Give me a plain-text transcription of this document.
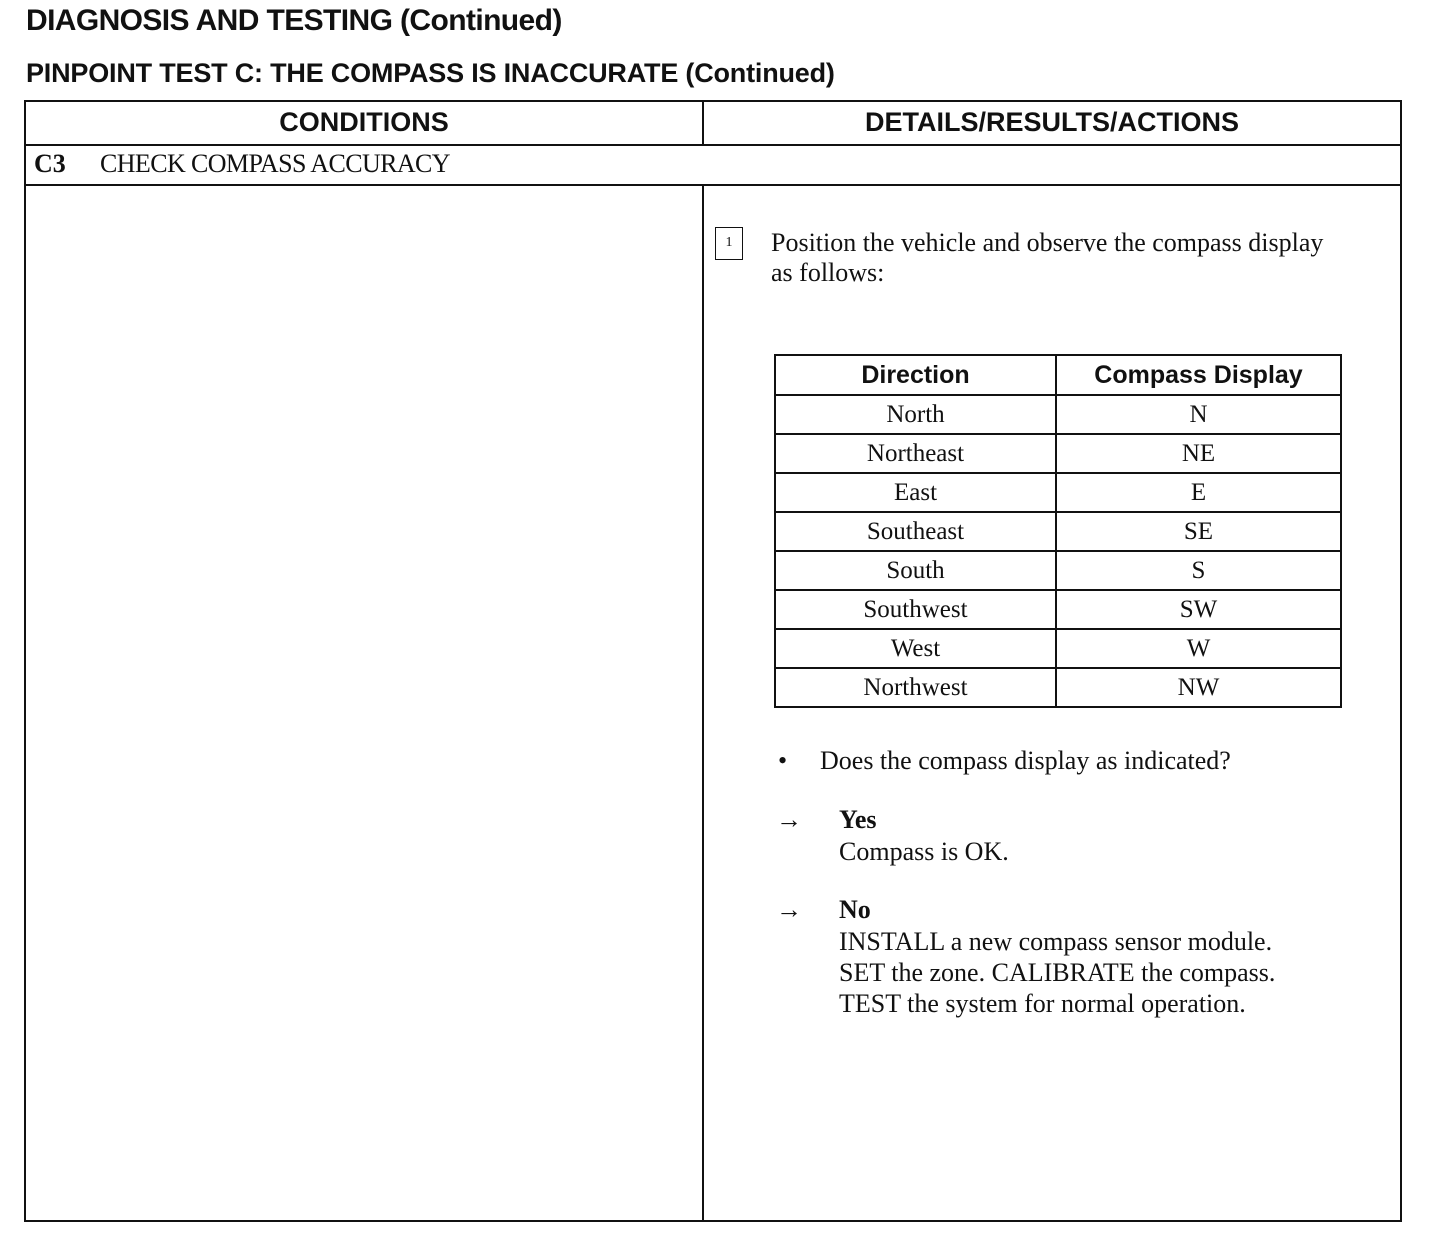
DIAGNOSIS AND TESTING (Continued)
PINPOINT TEST C: THE COMPASS IS INACCURATE (Continued)
CONDITIONS	DETAILS/RESULTS/ACTIONS
C3 CHECK COMPASS ACCURACY
1	Position the vehicle and observe the compass display as follows:
Direction	Compass Display
North	N
Northeast	NE
East	E
Southeast	SE
South	S
Southwest	SW
West	W
Northwest	NW
• Does the compass display as indicated?
→ Yes
Compass is OK.
→ No
INSTALL a new compass sensor module.
SET the zone. CALIBRATE the compass.
TEST the system for normal operation.
